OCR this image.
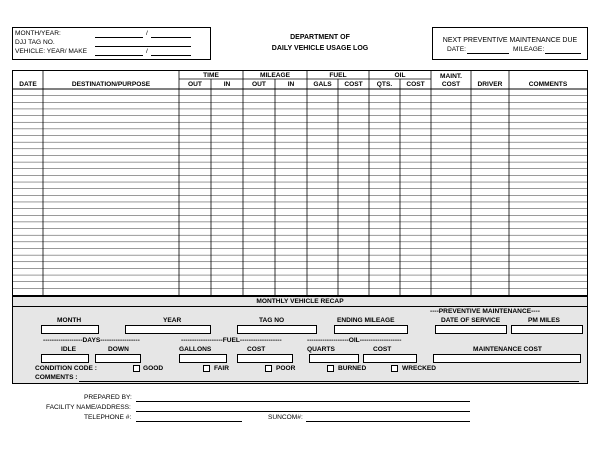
MONTH/YEAR:	/
DJJ TAG NO.
VEHICLE: YEAR/ MAKE	/
DEPARTMENT OF
DAILY VEHICLE USAGE LOG
NEXT PREVENTIVE MAINTENANCE DUE
DATE:	MILEAGE:
TIME	MILEAGE	FUEL	OIL
DATE	DESTINATION/PURPOSE	OUT	IN	OUT	IN	GALS	COST	QTS.	COST
MAINT.
COST	DRIVER	COMMENTS
MONTHLY VEHICLE RECAP
----PREVENTIVE MAINTENANCE----
MONTH	YEAR	TAG NO	ENDING MILEAGE	DATE OF SERVICE	PM MILES
------------------DAYS------------------	-------------------FUEL-------------------	-------------------OIL-------------------
IDLE	DOWN	GALLONS	COST	QUARTS	COST	MAINTENANCE COST
CONDITION CODE :	GOOD	FAIR	POOR	BURNED	WRECKED
COMMENTS :
PREPARED BY:
FACILITY NAME/ADDRESS:
TELEPHONE #:	SUNCOM#:
